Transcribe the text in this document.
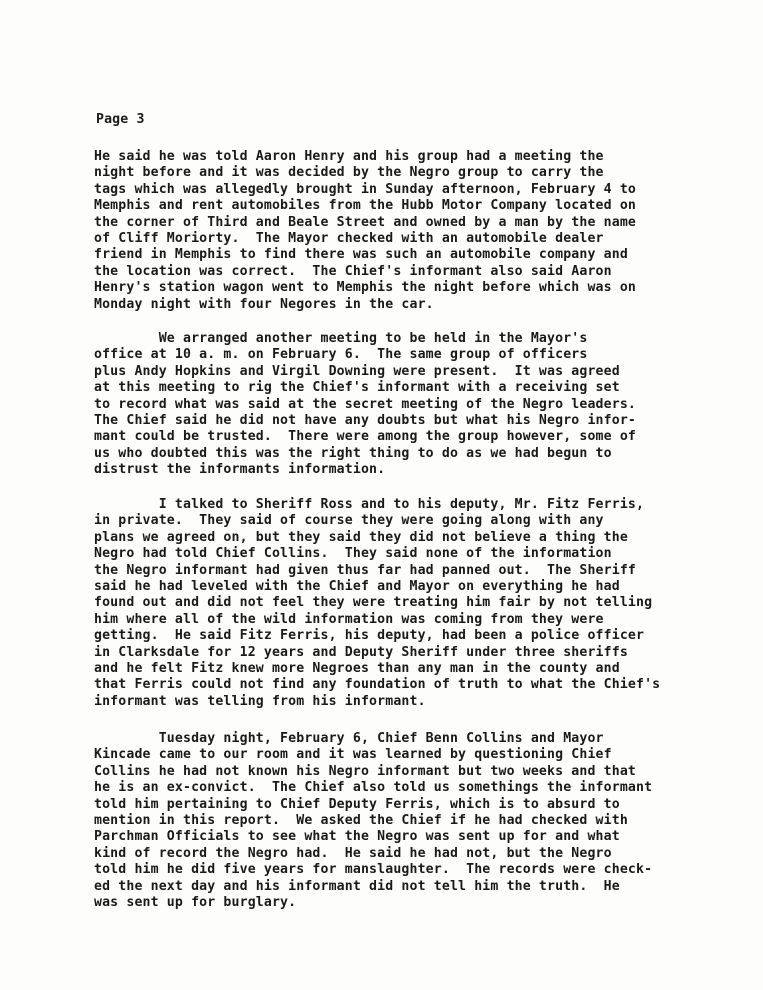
Page 3
He said he was told Aaron Henry and his group had a meeting the
night before and it was decided by the Negro group to carry the
tags which was allegedly brought in Sunday afternoon, February 4 to
Memphis and rent automobiles from the Hubb Motor Company located on
the corner of Third and Beale Street and owned by a man by the name
of Cliff Moriorty.  The Mayor checked with an automobile dealer
friend in Memphis to find there was such an automobile company and
the location was correct.  The Chief's informant also said Aaron
Henry's station wagon went to Memphis the night before which was on
Monday night with four Negores in the car.
We arranged another meeting to be held in the Mayor's
office at 10 a. m. on February 6.  The same group of officers
plus Andy Hopkins and Virgil Downing were present.  It was agreed
at this meeting to rig the Chief's informant with a receiving set
to record what was said at the secret meeting of the Negro leaders.
The Chief said he did not have any doubts but what his Negro infor-
mant could be trusted.  There were among the group however, some of
us who doubted this was the right thing to do as we had begun to
distrust the informants information.
I talked to Sheriff Ross and to his deputy, Mr. Fitz Ferris,
in private.  They said of course they were going along with any
plans we agreed on, but they said they did not believe a thing the
Negro had told Chief Collins.  They said none of the information
the Negro informant had given thus far had panned out.  The Sheriff
said he had leveled with the Chief and Mayor on everything he had
found out and did not feel they were treating him fair by not telling
him where all of the wild information was coming from they were
getting.  He said Fitz Ferris, his deputy, had been a police officer
in Clarksdale for 12 years and Deputy Sheriff under three sheriffs
and he felt Fitz knew more Negroes than any man in the county and
that Ferris could not find any foundation of truth to what the Chief's
informant was telling from his informant.
Tuesday night, February 6, Chief Benn Collins and Mayor
Kincade came to our room and it was learned by questioning Chief
Collins he had not known his Negro informant but two weeks and that
he is an ex-convict.  The Chief also told us somethings the informant
told him pertaining to Chief Deputy Ferris, which is to absurd to
mention in this report.  We asked the Chief if he had checked with
Parchman Officials to see what the Negro was sent up for and what
kind of record the Negro had.  He said he had not, but the Negro
told him he did five years for manslaughter.  The records were check-
ed the next day and his informant did not tell him the truth.  He
was sent up for burglary.
